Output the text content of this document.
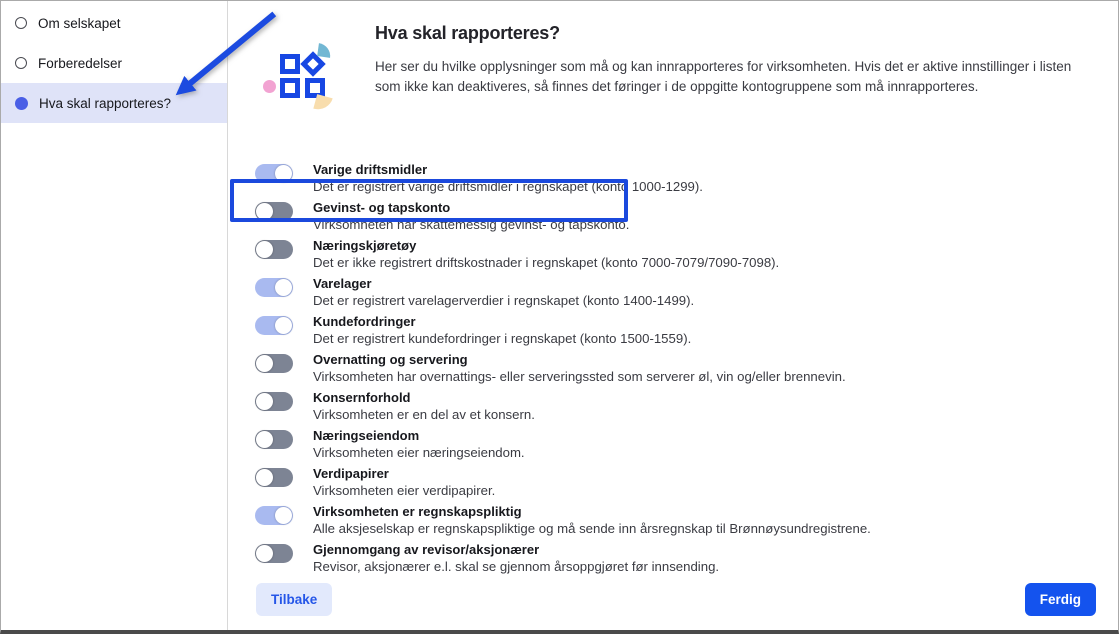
Om selskapet
Forberedelser
Hva skal rapporteres?
Hva skal rapporteres?

Her ser du hvilke opplysninger som må og kan innrapporteres for virksomheten. Hvis det er aktive innstillinger i listen som ikke kan deaktiveres, så finnes det føringer i de oppgitte kontogruppene som må innrapporteres.

Varige driftsmidler
Det er registrert varige driftsmidler i regnskapet (konto 1000-1299).
Gevinst- og tapskonto
Virksomheten har skattemessig gevinst- og tapskonto.
Næringskjøretøy
Det er ikke registrert driftskostnader i regnskapet (konto 7000-7079/7090-7098).
Varelager
Det er registrert varelagerverdier i regnskapet (konto 1400-1499).
Kundefordringer
Det er registrert kundefordringer i regnskapet (konto 1500-1559).
Overnatting og servering
Virksomheten har overnattings- eller serveringssted som serverer øl, vin og/eller brennevin.
Konsernforhold
Virksomheten er en del av et konsern.
Næringseiendom
Virksomheten eier næringseiendom.
Verdipapirer
Virksomheten eier verdipapirer.
Virksomheten er regnskapspliktig
Alle aksjeselskap er regnskapspliktige og må sende inn årsregnskap til Brønnøysundregistrene.
Gjennomgang av revisor/aksjonærer
Revisor, aksjonærer e.l. skal se gjennom årsoppgjøret før innsending.
Tilbake	Ferdig
